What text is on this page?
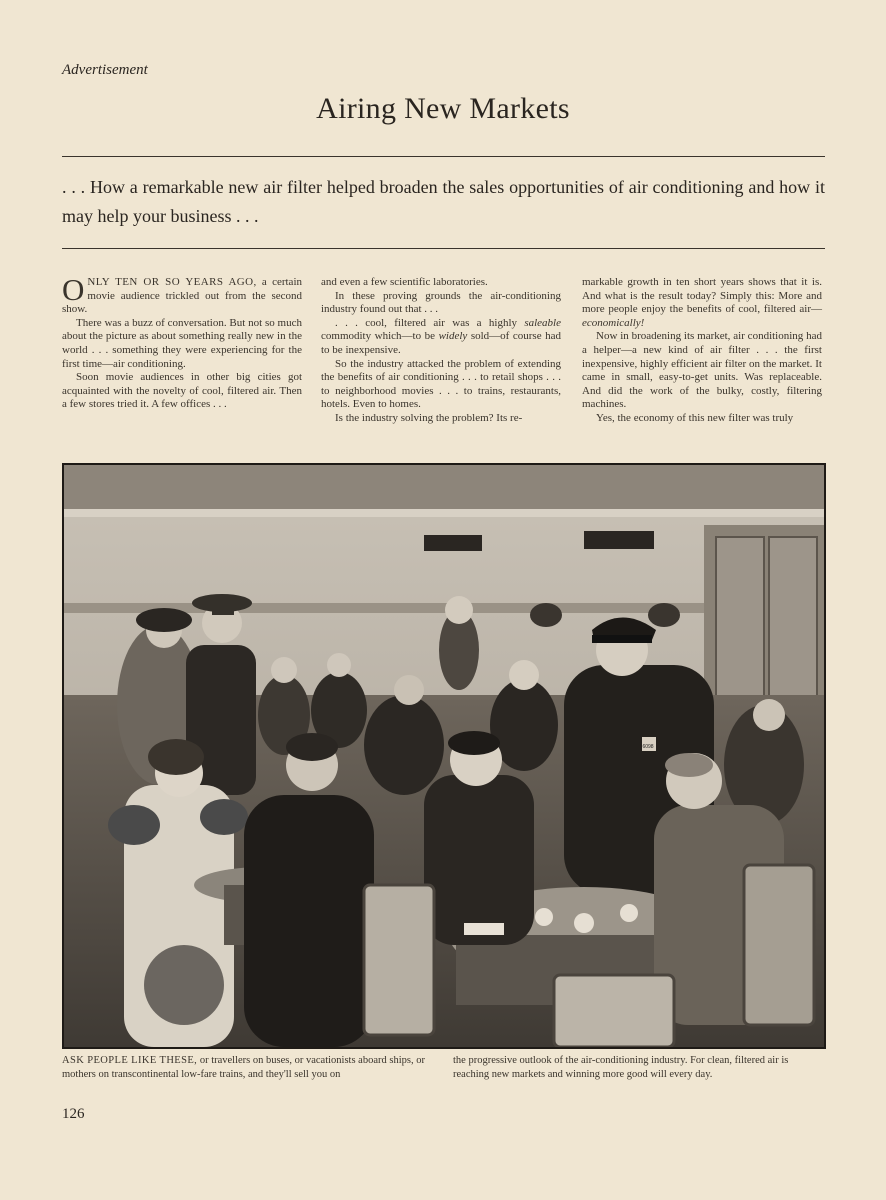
Advertisement
Airing New Markets
. . . How a remarkable new air filter helped broaden the sales opportunities of air conditioning and how it may help your business . . .

ONLY TEN OR SO YEARS AGO, a certain movie audience trickled out from the second show.

There was a buzz of conversation. But not so much about the picture as about something really new in the world . . . something they were experiencing for the first time—air conditioning.

Soon movie audiences in other big cities got acquainted with the novelty of cool, filtered air. Then a few stores tried it. A few offices . . .

and even a few scientific laboratories.

In these proving grounds the air-conditioning industry found out that . . .

. . . cool, filtered air was a highly saleable commodity which—to be widely sold—of course had to be inexpensive.

So the industry attacked the problem of extending the benefits of air conditioning . . . to retail shops . . . to neighborhood movies . . . to trains, restaurants, hotels. Even to homes.

Is the industry solving the problem? Its re-

markable growth in ten short years shows that it is. And what is the result today? Simply this: More and more people enjoy the benefits of cool, filtered air—economically!

Now in broadening its market, air conditioning had a helper—a new kind of air filter . . . the first inexpensive, highly efficient air filter on the market. It came in small, easy-to-get units. Was replaceable. And did the work of the bulky, costly, filtering machines.

Yes, the economy of this new filter was truly

6098
ASK PEOPLE LIKE THESE, or travellers on buses, or vacationists aboard ships, or mothers on transcontinental low-fare trains, and they'll sell you on
the progressive outlook of the air-conditioning industry. For clean, filtered air is reaching new markets and winning more good will every day.
126
